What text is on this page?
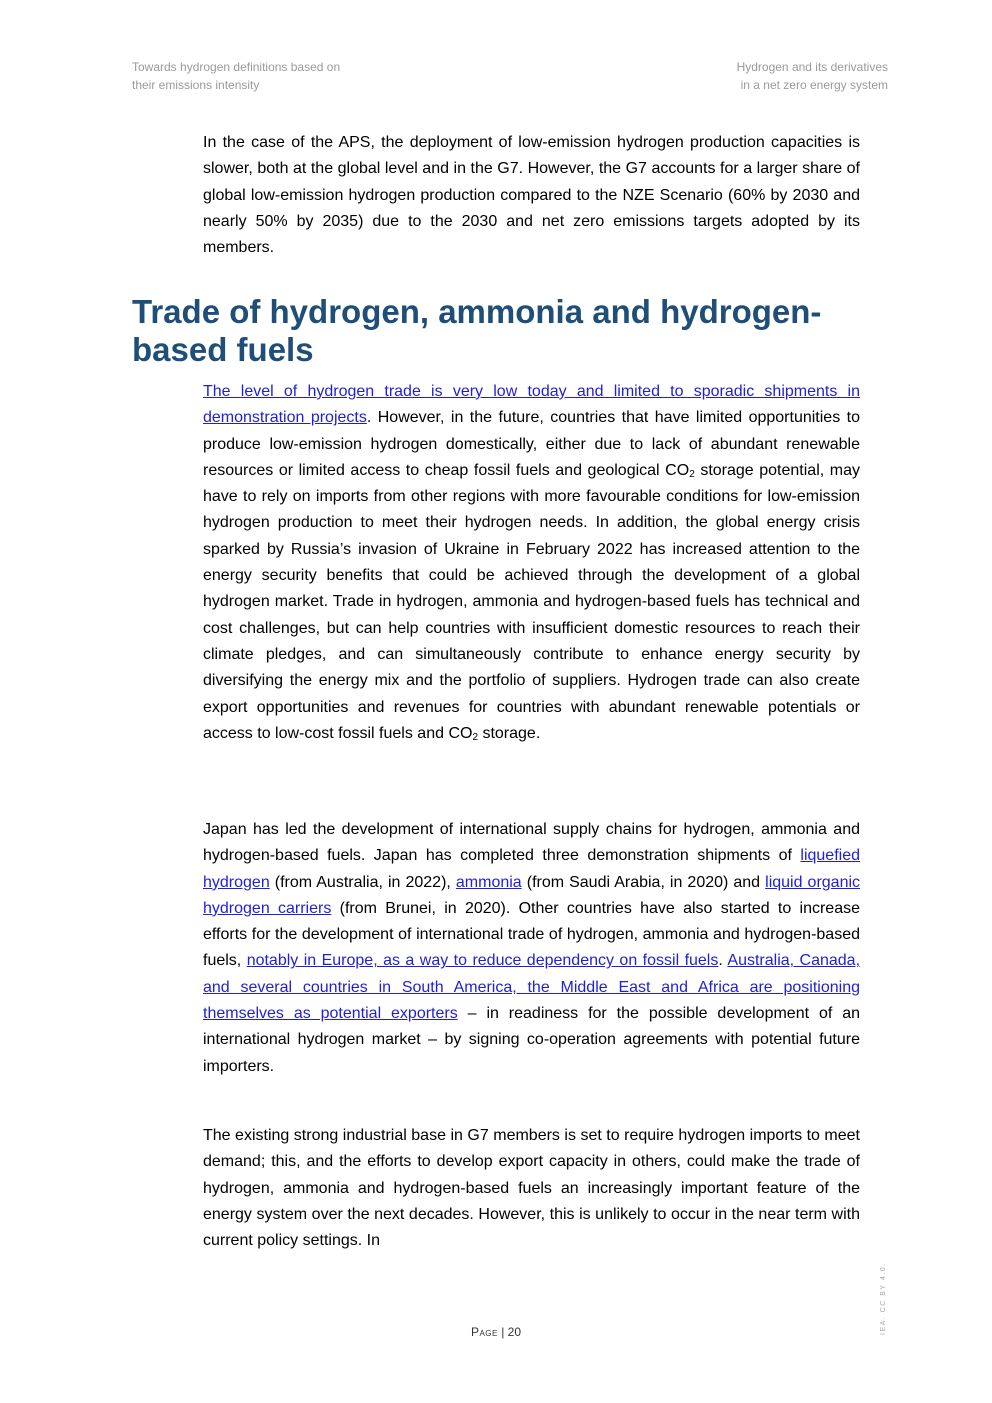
Towards hydrogen definitions based on
their emissions intensity
Hydrogen and its derivatives
in a net zero energy system

In the case of the APS, the deployment of low-emission hydrogen production capacities is slower, both at the global level and in the G7. However, the G7 accounts for a larger share of global low-emission hydrogen production compared to the NZE Scenario (60% by 2030 and nearly 50% by 2035) due to the 2030 and net zero emissions targets adopted by its members.

Trade of hydrogen, ammonia and hydrogen-based fuels

The level of hydrogen trade is very low today and limited to sporadic shipments in demonstration projects. However, in the future, countries that have limited opportunities to produce low-emission hydrogen domestically, either due to lack of abundant renewable resources or limited access to cheap fossil fuels and geological $CO_2$ storage potential, may have to rely on imports from other regions with more favourable conditions for low-emission hydrogen production to meet their hydrogen needs. In addition, the global energy crisis sparked by Russia’s invasion of Ukraine in February 2022 has increased attention to the energy security benefits that could be achieved through the development of a global hydrogen market. Trade in hydrogen, ammonia and hydrogen-based fuels has technical and cost challenges, but can help countries with insufficient domestic resources to reach their climate pledges, and can simultaneously contribute to enhance energy security by diversifying the energy mix and the portfolio of suppliers. Hydrogen trade can also create export opportunities and revenues for countries with abundant renewable potentials or access to low-cost fossil fuels and $CO_2$ storage.

Japan has led the development of international supply chains for hydrogen, ammonia and hydrogen-based fuels. Japan has completed three demonstration shipments of liquefied hydrogen (from Australia, in 2022), ammonia (from Saudi Arabia, in 2020) and liquid organic hydrogen carriers (from Brunei, in 2020). Other countries have also started to increase efforts for the development of international trade of hydrogen, ammonia and hydrogen-based fuels, notably in Europe, as a way to reduce dependency on fossil fuels. Australia, Canada, and several countries in South America, the Middle East and Africa are positioning themselves as potential exporters – in readiness for the possible development of an international hydrogen market – by signing co-operation agreements with potential future importers.

The existing strong industrial base in G7 members is set to require hydrogen imports to meet demand; this, and the efforts to develop export capacity in others, could make the trade of hydrogen, ammonia and hydrogen-based fuels an increasingly important feature of the energy system over the next decades. However, this is unlikely to occur in the near term with current policy settings. In

Page | 20	IEA. CC BY 4.0.
